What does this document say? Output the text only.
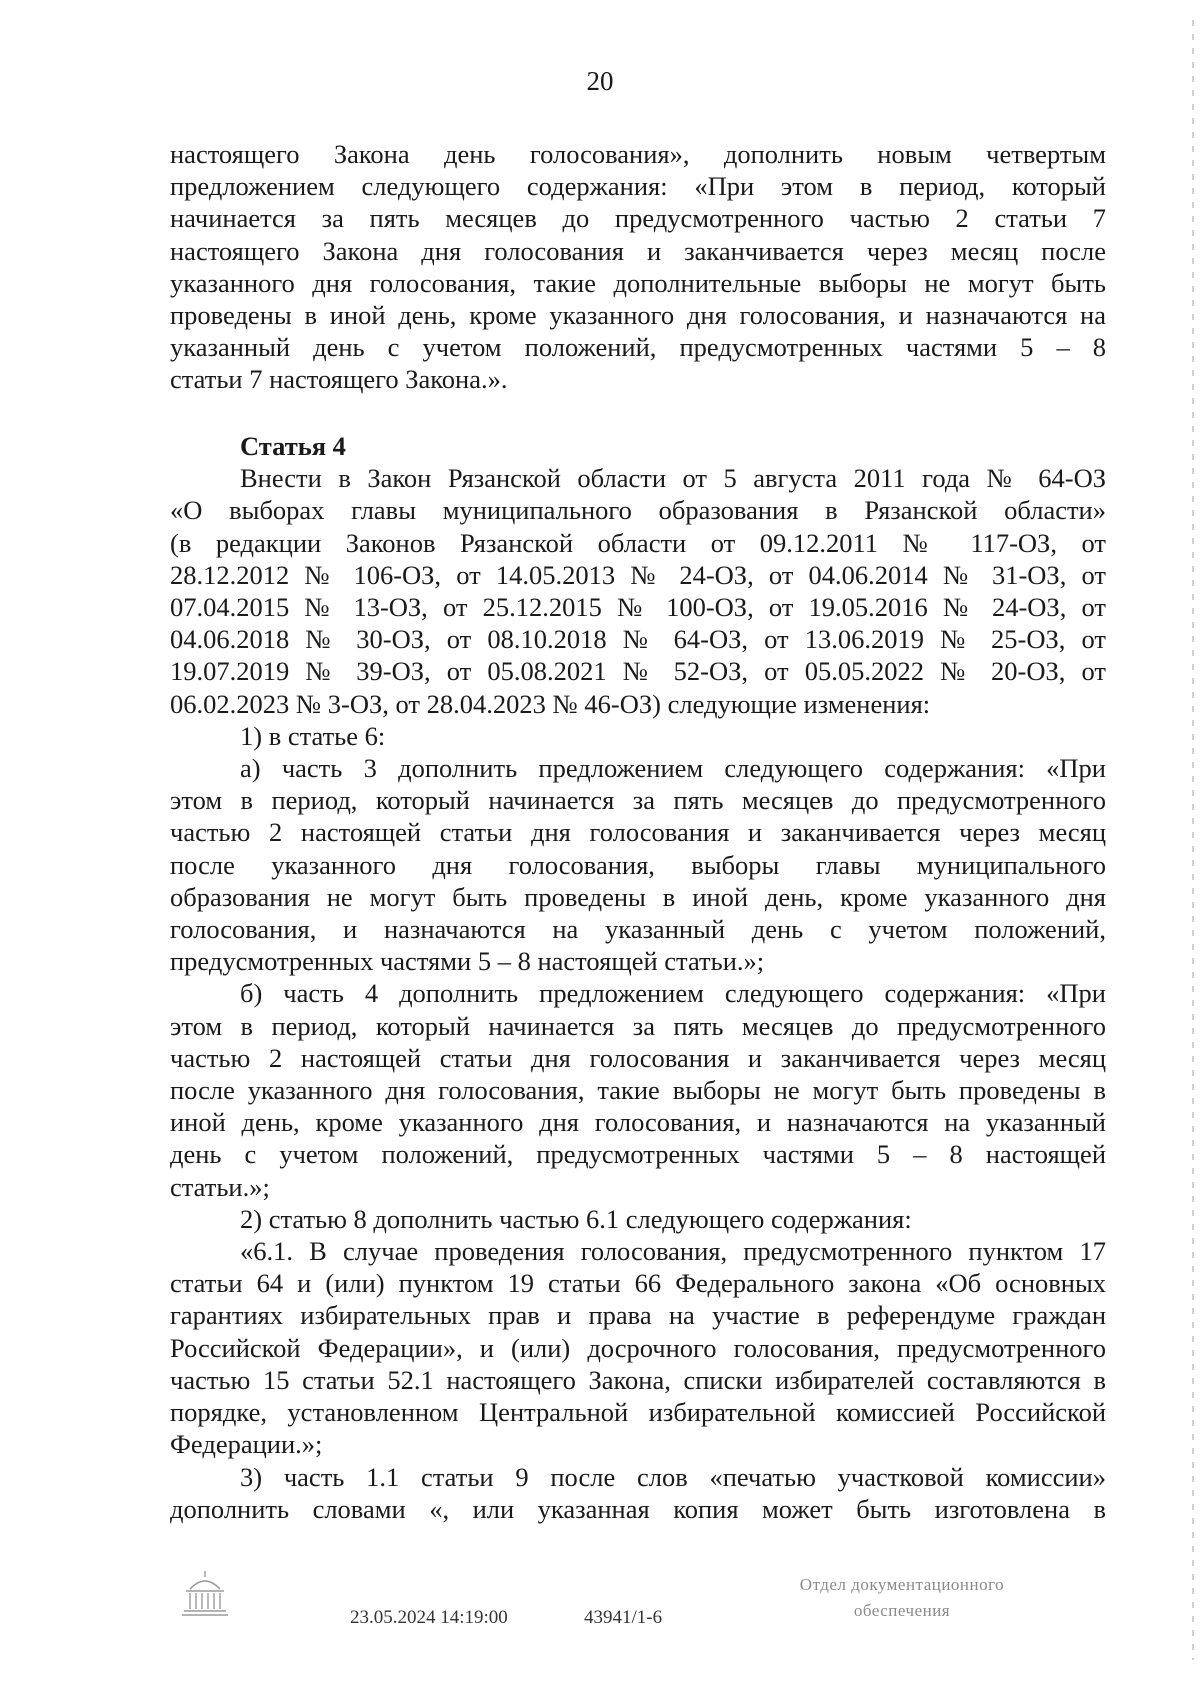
20
настоящего Закона день голосования», дополнить новым четвертым
предложением следующего содержания: «При этом в период, который
начинается за пять месяцев до предусмотренного частью 2 статьи 7
настоящего Закона дня голосования и заканчивается через месяц после
указанного дня голосования, такие дополнительные выборы не могут быть
проведены в иной день, кроме указанного дня голосования, и назначаются на
указанный день с учетом положений, предусмотренных частями 5 – 8
статьи 7 настоящего Закона.».
Статья 4
Внести в Закон Рязанской области от 5 августа 2011 года № 64-ОЗ
«О выборах главы муниципального образования в Рязанской области»
(в редакции Законов Рязанской области от 09.12.2011 № 117-ОЗ, от
28.12.2012 № 106-ОЗ, от 14.05.2013 № 24-ОЗ, от 04.06.2014 № 31-ОЗ, от
07.04.2015 № 13-ОЗ, от 25.12.2015 № 100-ОЗ, от 19.05.2016 № 24-ОЗ, от
04.06.2018 № 30-ОЗ, от 08.10.2018 № 64-ОЗ, от 13.06.2019 № 25-ОЗ, от
19.07.2019 № 39-ОЗ, от 05.08.2021 № 52-ОЗ, от 05.05.2022 № 20-ОЗ, от
06.02.2023 № 3-ОЗ, от 28.04.2023 № 46-ОЗ) следующие изменения:
1) в статье 6:
а) часть 3 дополнить предложением следующего содержания: «При
этом в период, который начинается за пять месяцев до предусмотренного
частью 2 настоящей статьи дня голосования и заканчивается через месяц
после указанного дня голосования, выборы главы муниципального
образования не могут быть проведены в иной день, кроме указанного дня
голосования, и назначаются на указанный день с учетом положений,
предусмотренных частями 5 – 8 настоящей статьи.»;
б) часть 4 дополнить предложением следующего содержания: «При
этом в период, который начинается за пять месяцев до предусмотренного
частью 2 настоящей статьи дня голосования и заканчивается через месяц
после указанного дня голосования, такие выборы не могут быть проведены в
иной день, кроме указанного дня голосования, и назначаются на указанный
день с учетом положений, предусмотренных частями 5 – 8 настоящей
статьи.»;
2) статью 8 дополнить частью 6.1 следующего содержания:
«6.1. В случае проведения голосования, предусмотренного пунктом 17
статьи 64 и (или) пунктом 19 статьи 66 Федерального закона «Об основных
гарантиях избирательных прав и права на участие в референдуме граждан
Российской Федерации», и (или) досрочного голосования, предусмотренного
частью 15 статьи 52.1 настоящего Закона, списки избирателей составляются в
порядке, установленном Центральной избирательной комиссией Российской
Федерации.»;
3) часть 1.1 статьи 9 после слов «печатью участковой комиссии»
дополнить словами «, или указанная копия может быть изготовлена в
23.05.2024 14:19:00	43941/1-6
Отдел документационного
обеспечения
